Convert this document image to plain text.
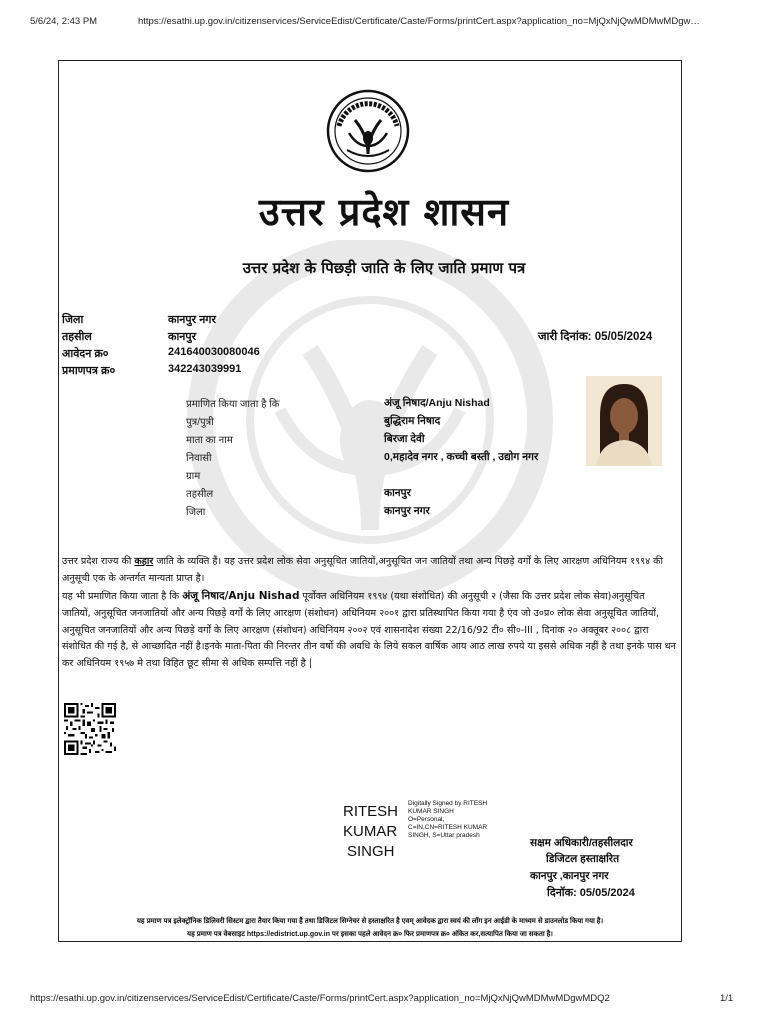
5/6/24, 2:43 PM	https://esathi.up.gov.in/citizenservices/ServiceEdist/Certificate/Caste/Forms/printCert.aspx?application_no=MjQxNjQwMDMwMDgw…
उत्तर प्रदेश शासन
उत्तर प्रदेश के पिछड़ी जाति के लिए जाति प्रमाण पत्र
जिला	कानपुर नगर
तहसील	कानपुर
आवेदन क्र०	241640030080046
प्रमाणपत्र क्र०	342243039991
जारी दिनांक: 05/05/2024
प्रमाणित किया जाता है कि	अंजू निषाद/Anju Nishad
पुत्र/पुत्री	बुद्धिराम निषाद
माता का नाम	बिरजा देवी
निवासी	0,महादेव नगर , कच्ची बस्ती , उद्योग नगर
ग्राम
तहसील	कानपुर
जिला	कानपुर नगर
उत्तर प्रदेश राज्य की कहार जाति के व्यक्ति हैं। यह उत्तर प्रदेश लोक सेवा अनुसूचित जातियों,अनुसूचित जन जातियों तथा अन्य पिछड़े वर्गों के लिए आरक्षण अधिनियम १९९४ की अनुसूची एक के अन्तर्गत मान्यता प्राप्त है।
यह भी प्रमाणित किया जाता है कि अंजू निषाद/Anju Nishad पूर्वोक्त अधिनियम १९९४ (यथा संशोधित) की अनुसूची २ (जैसा कि उत्तर प्रदेश लोक सेवा)अनुसूचित जातियों, अनुसूचित जनजातियों और अन्य पिछड़े वर्गों के लिए आरक्षण (संशोधन) अधिनियम २००१ द्वारा प्रतिस्थापित किया गया है एंव जो उ०प्र० लोक सेवा अनुसूचित जातियों, अनुसूचित जनजातियों और अन्य पिछड़े वर्गों के लिए आरक्षण (संशोधन) अधिनियम २००२ एवं शासनादेश संख्या 22/16/92 टी० सी०-III , दिनांक २० अक्तूबर २००८ द्वारा संशोधित की गई है, से आच्छादित नहीं है।इनके माता-पिता की निरन्तर तीन वर्षो की अवधि के लिये सकल वार्षिक आय आठ लाख रुपये या इससे अधिक नहीं है तथा इनके पास धन कर अधिनियम १९५७ मे तथा विहित छूट सीमा से अधिक सम्पत्ति नहीं है |
RITESH
KUMAR
SINGH
Digitally Signed by RITESH
KUMAR SINGH
O=Personal,
C=IN,CN=RITESH KUMAR
SINGH, S=Uttar pradesh
सक्षम अधिकारी/तहसीलदार
डिजिटल हस्ताक्षरित
कानपुर ,कानपुर नगर
दिनॉक: 05/05/2024
यह प्रमाण पत्र इलेक्ट्रॉनिक डिलिवरी सिस्टम द्वारा तैयार किया गया है तथा डिजिटल सिग्नेचर से हस्ताक्षरित है एवम् आवेदक द्वारा स्वयं की लॉग इन आईडी के माध्यम से डाउनलोड किया गया है।
यह प्रमाण पत्र वेबसाइट https://edistrict.up.gov.in पर इसका पहले आवेदन क्र० फिर प्रमाणपत्र क्र० अंकित कर,सत्यापित किया जा सकता है।
https://esathi.up.gov.in/citizenservices/ServiceEdist/Certificate/Caste/Forms/printCert.aspx?application_no=MjQxNjQwMDMwMDgwMDQ2	1/1
